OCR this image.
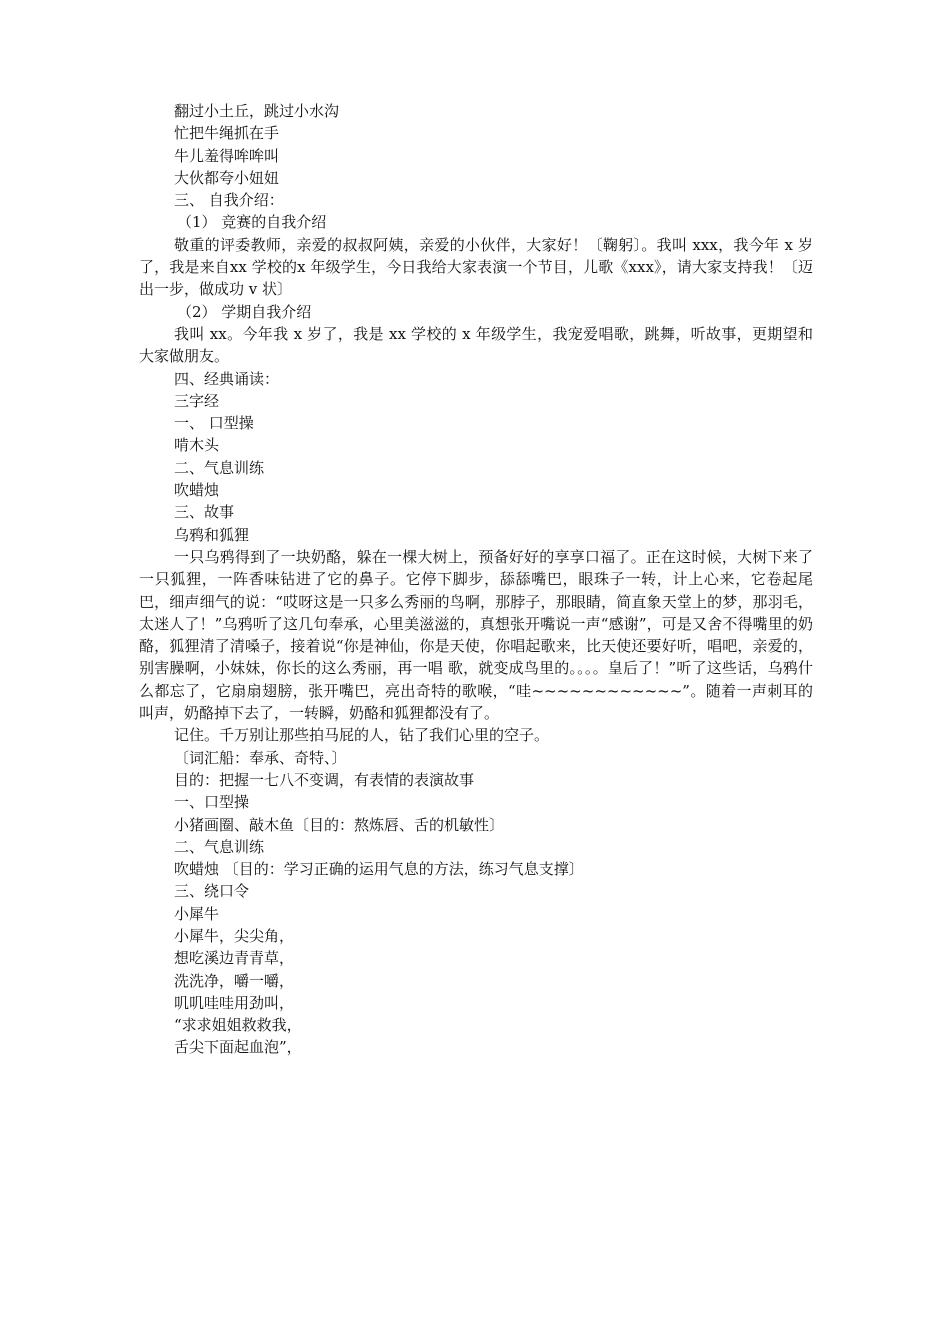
翻过小土丘，跳过小水沟
忙把牛绳抓在手
牛儿羞得哞哞叫
大伙都夸小妞妞
三、 自我介绍：
（1） 竞赛的自我介绍
敬重的评委教师，亲爱的叔叔阿姨，亲爱的小伙伴，大家好！〔鞠躬〕。我叫 xxx，我今年 x 岁了，我是来自xx 学校的x 年级学生，今日我给大家表演一个节目，儿歌《xxx》，请大家支持我！〔迈出一步，做成功 v 状〕
（2） 学期自我介绍
我叫 xx。今年我 x 岁了，我是 xx 学校的 x 年级学生，我宠爱唱歌，跳舞，听故事，更期望和大家做朋友。
四、经典诵读：
三字经
一、 口型操
啃木头
二、气息训练
吹蜡烛
三、故事
乌鸦和狐狸
一只乌鸦得到了一块奶酪，躲在一棵大树上，预备好好的享享口福了。正在这时候，大树下来了一只狐狸，一阵香味钻进了它的鼻子。它停下脚步，舔舔嘴巴，眼珠子一转，计上心来，它卷起尾巴，细声细气的说：“哎呀这是一只多么秀丽的鸟啊，那脖子，那眼睛，简直象天堂上的梦，那羽毛，太迷人了！”乌鸦听了这几句奉承，心里美滋滋的，真想张开嘴说一声“感谢”，可是又舍不得嘴里的奶酪，狐狸清了清嗓子，接着说“你是神仙，你是天使，你唱起歌来，比天使还要好听，唱吧，亲爱的，别害臊啊，小妹妹，你长的这么秀丽，再一唱 歌，就变成鸟里的。。。。皇后了！”听了这些话，乌鸦什么都忘了，它扇扇翅膀，张开嘴巴，亮出奇特的歌喉，“哇~~~~~~~~~~~~”。随着一声刺耳的叫声，奶酪掉下去了，一转瞬，奶酪和狐狸都没有了。
记住。千万别让那些拍马屁的人，钻了我们心里的空子。
〔词汇船：奉承、奇特、〕
目的：把握一七八不变调，有表情的表演故事
一、口型操
小猪画圈、敲木鱼〔目的：熬炼唇、舌的机敏性〕
二、气息训练
吹蜡烛 〔目的：学习正确的运用气息的方法，练习气息支撑〕
三、绕口令
小犀牛
小犀牛，尖尖角，
想吃溪边青青草，
洗洗净，嚼一嚼，
叽叽哇哇用劲叫，
“求求姐姐救救我，
舌尖下面起血泡”，
